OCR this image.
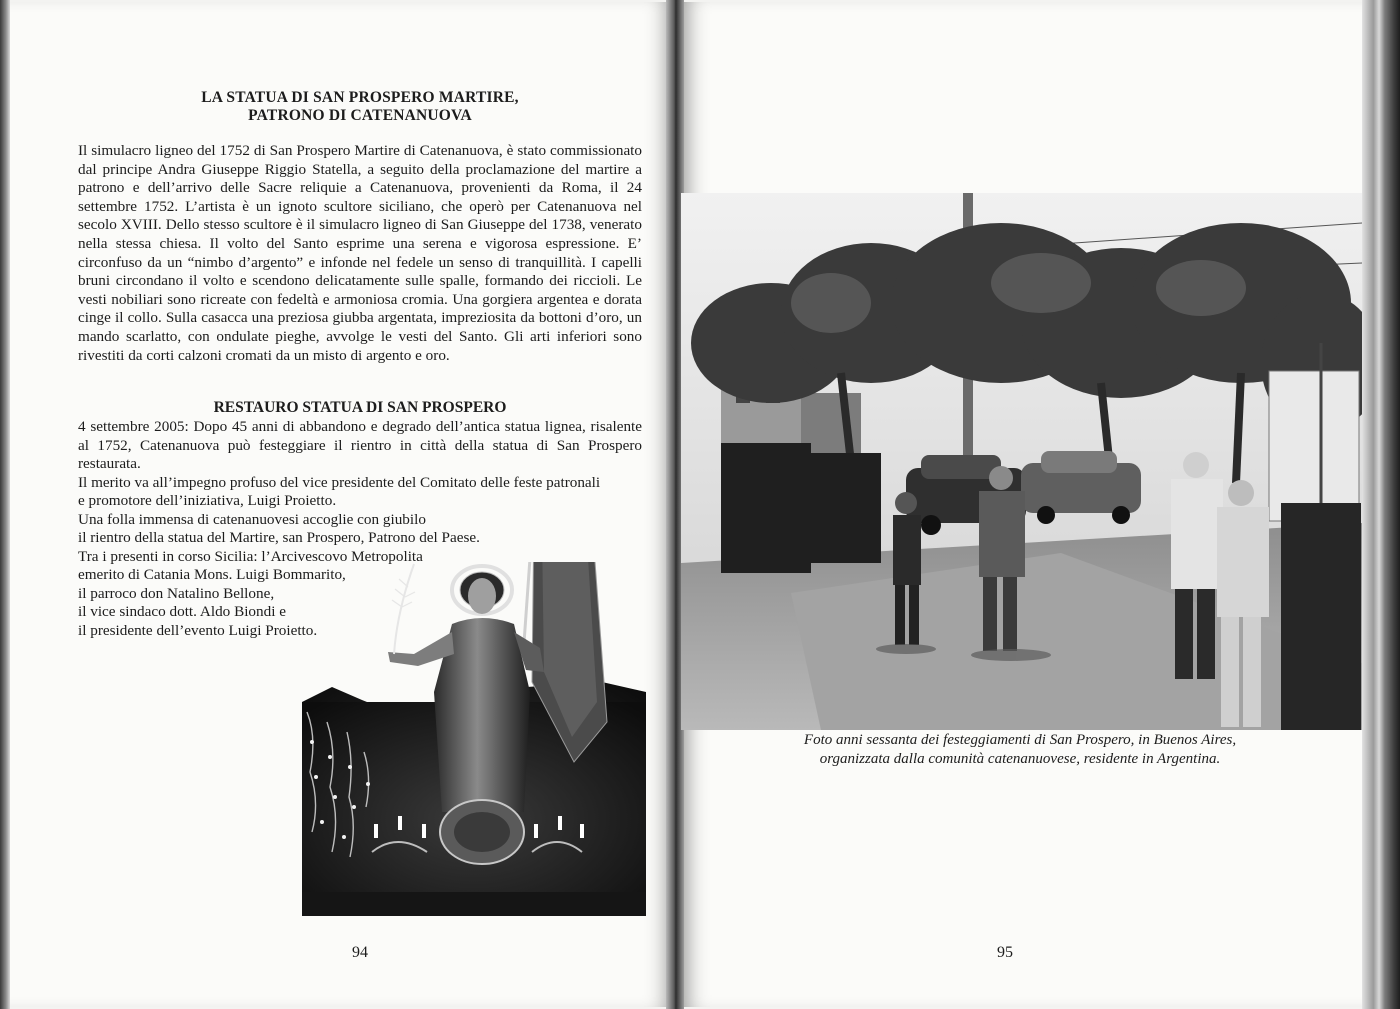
LA STATUA DI SAN PROSPERO MARTIRE,
PATRONO DI CATENANUOVA

Il simulacro ligneo del 1752 di San Prospero Martire di Catenanuova, è stato commissionato dal principe Andra Giuseppe Riggio Statella, a seguito della proclamazione del martire a patrono e dell’arrivo delle Sacre reliquie a Catenanuova, provenienti da Roma, il 24 settembre 1752. L’artista è un ignoto scultore siciliano, che operò per Catenanuova nel secolo XVIII. Dello stesso scultore è il simulacro ligneo di San Giuseppe del 1738, venerato nella stessa chiesa. Il volto del Santo esprime una serena e vigorosa espressione. E’ circonfuso da un “nimbo d’argento” e infonde nel fedele un senso di tranquillità. I capelli bruni circondano il volto e scendono delicatamente sulle spalle, formando dei riccioli. Le vesti nobiliari sono ricreate con fedeltà e armoniosa cromia. Una gorgiera argentea e dorata cinge il collo. Sulla casacca una preziosa giubba argentata, impreziosita da bottoni d’oro, un mando scarlatto, con ondulate pieghe, avvolge le vesti del Santo. Gli arti inferiori sono rivestiti da corti calzoni cromati da un misto di argento e oro.

RESTAURO STATUA DI SAN PROSPERO

4 settembre 2005: Dopo 45 anni di abbandono e degrado dell’antica statua lignea, risalente al 1752, Catenanuova può festeggiare il rientro in città della statua di San Prospero restaurata.

Il merito va all’impegno profuso del vice presidente del Comitato delle feste patronali
e promotore dell’iniziativa, Luigi Proietto.
Una folla immensa di catenanuovesi accoglie con giubilo
il rientro della statua del Martire, san Prospero, Patrono del Paese.
Tra i presenti in corso Sicilia: l’Arcivescovo Metropolita
emerito di Catania Mons. Luigi Bommarito,
il parroco don Natalino Bellone,
il vice sindaco dott. Aldo Biondi e
il presidente dell’evento Luigi Proietto.
94

Foto anni sessanta dei festeggiamenti di San Prospero, in Buenos Aires,
organizzata dalla comunità catenanuovese, residente in Argentina.

95
